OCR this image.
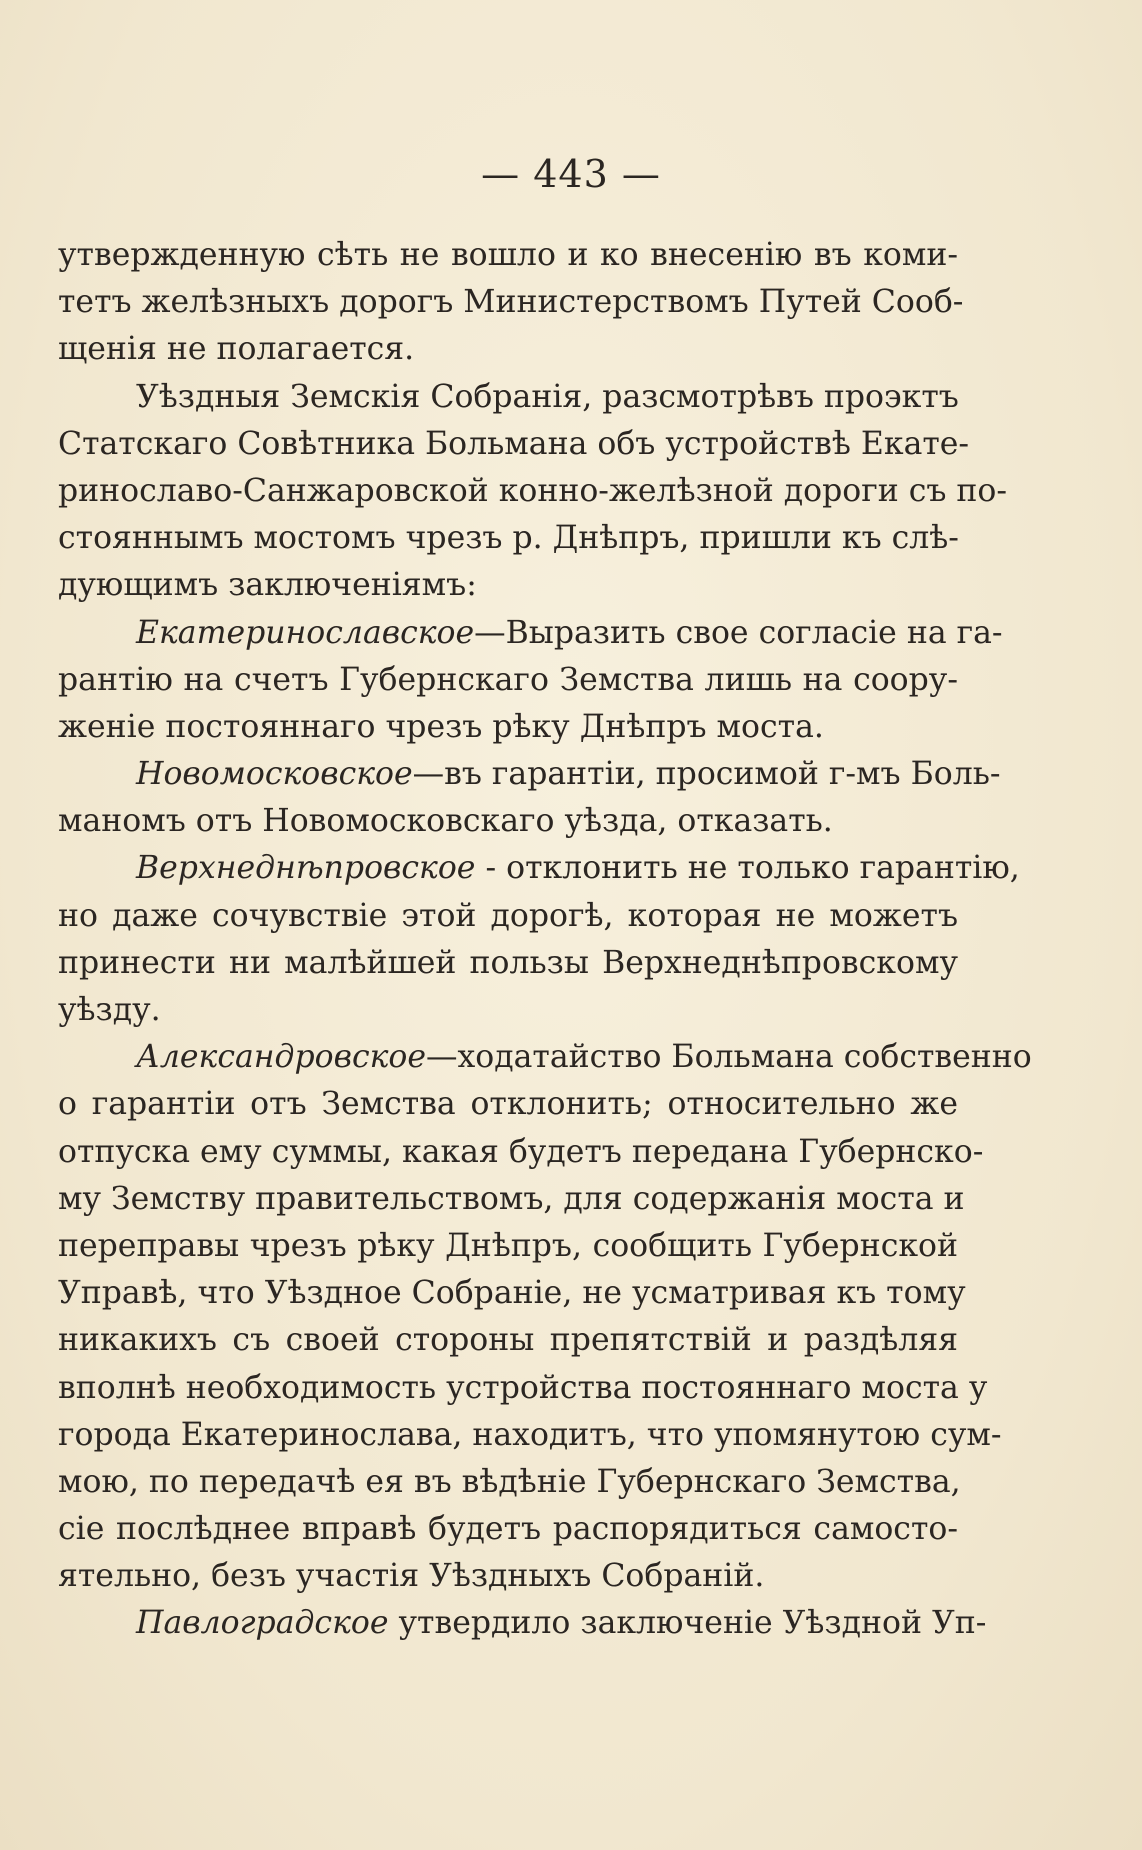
— 443 —
утвержденную сѣть не вошло и ко внесенію въ коми-
тетъ желѣзныхъ дорогъ Министерствомъ Путей Сооб-
щенія не полагается.
Уѣздныя Земскія Собранія, разсмотрѣвъ проэктъ
Статскаго Совѣтника Больмана объ устройствѣ Екате-
ринославо-Санжаровской конно-желѣзной дороги съ по-
стояннымъ мостомъ чрезъ р. Днѣпръ, пришли къ слѣ-
дующимъ заключеніямъ:
Екатеринославское—Выразить свое согласіе на га-
рантію на счетъ Губернскаго Земства лишь на соору-
женіе постояннаго чрезъ рѣку Днѣпръ моста.
Новомосковское—въ гарантіи, просимой г-мъ Боль-
маномъ отъ Новомосковскаго уѣзда, отказать.
Верхнеднѣпровское - отклонить не только гарантію,
но даже сочувствіе этой дорогѣ, которая не можетъ
принести ни малѣйшей пользы Верхнеднѣпровскому
уѣзду.
Александровское—ходатайство Больмана собственно
о гарантіи отъ Земства отклонить; относительно же
отпуска ему суммы, какая будетъ передана Губернско-
му Земству правительствомъ, для содержанія моста и
переправы чрезъ рѣку Днѣпръ, сообщить Губернской
Управѣ, что Уѣздное Собраніе, не усматривая къ тому
никакихъ съ своей стороны препятствій и раздѣляя
вполнѣ необходимость устройства постояннаго моста у
города Екатеринослава, находитъ, что упомянутою сум-
мою, по передачѣ ея въ вѣдѣніе Губернскаго Земства,
сіе послѣднее вправѣ будетъ распорядиться самосто-
ятельно, безъ участія Уѣздныхъ Собраній.
Павлоградское утвердило заключеніе Уѣздной Уп-
